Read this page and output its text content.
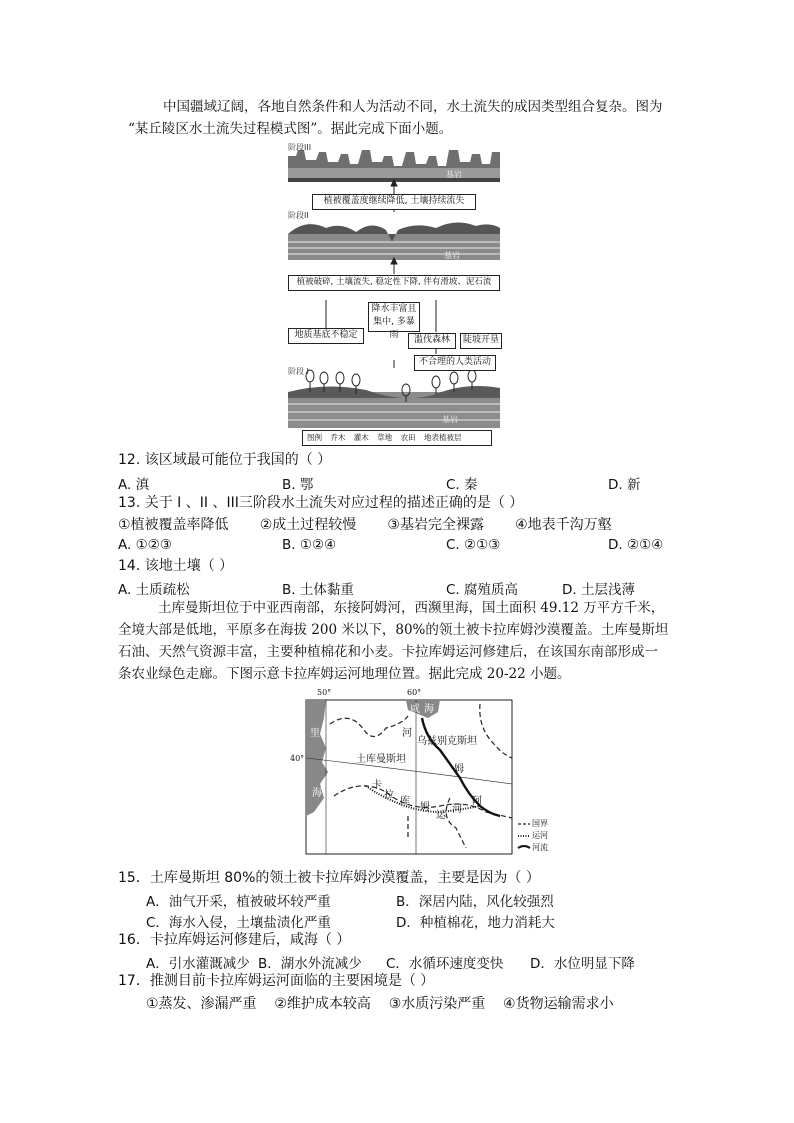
中国疆域辽阔，各地自然条件和人为活动不同，水土流失的成因类型组合复杂。图为
“某丘陵区水土流失过程模式图”。据此完成下面小题。
阶段III
基岩
植被覆盖度继续降低, 土壤持续流失
阶段II
基岩
植被破碎, 土壤流失, 稳定性下降, 伴有滑坡、泥石流
降水丰富且集中, 多暴雨
地质基底不稳定	滥伐森林	陡坡开垦
不合理的人类活动
阶段 I
基岩
图例 乔木 灌木 草地 农田 地表植被层
12. 该区域最可能位于我国的（ ）
A. 滇	B. 鄂	C. 秦	D. 新
13. 关于 I 、II 、III三阶段水土流失对应过程的描述正确的是（ ）
①植被覆盖率降低       ②成土过程较慢       ③基岩完全裸露       ④地表千沟万壑
A. ①②③	B. ①②④	C. ②①③	D. ②①④
14. 该地土壤（ ）
A. 土质疏松	B. 土体黏重	C. 腐殖质高	D. 土层浅薄
土库曼斯坦位于中亚西南部，东接阿姆河，西濒里海，国土面积 49.12 万平方千米，
全境大部是低地，平原多在海拔 200 米以下，80%的领土被卡拉库姆沙漠覆盖。土库曼斯坦
石油、天然气资源丰富，主要种植棉花和小麦。卡拉库姆运河修建后，在该国东南部形成一
条农业绿色走廊。下图示意卡拉库姆运河地理位置。据此完成 20-22 小题。
50°	60°
40°
里
海
咸 海
河
乌兹别克斯坦
土库曼斯坦
姆
卡
拉
库
姆
运
河
阿
国界
运河
河流
15．土库曼斯坦 80%的领土被卡拉库姆沙漠覆盖，主要是因为（ ）
A．油气开采，植被破坏较严重	B．深居内陆，风化较强烈
C．海水入侵，土壤盐渍化严重	D．种植棉花，地力消耗大
16．卡拉库姆运河修建后，咸海（ ）
A．引水灌溉减少 B．湖水外流减少 C．水循环速度变快 D．水位明显下降
17．推测目前卡拉库姆运河面临的主要困境是（ ）
①蒸发、渗漏严重    ②维护成本较高    ③水质污染严重    ④货物运输需求小
